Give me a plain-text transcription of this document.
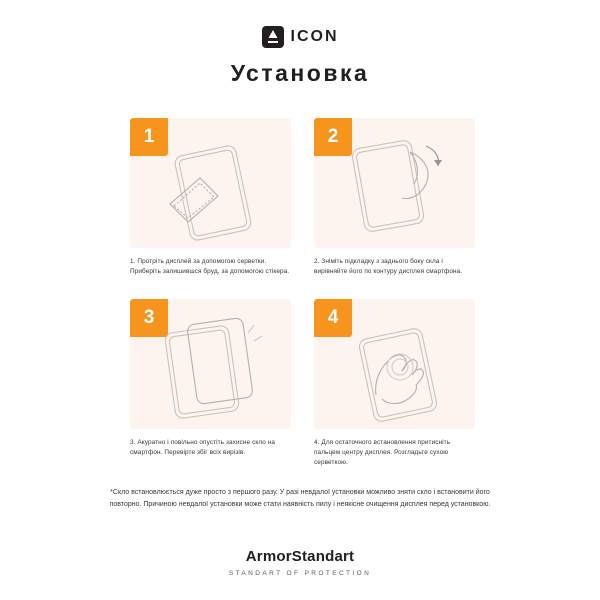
ICON
Установка
1
1. Протріть дисплей за допомогою серветки. Приберіть залишившся бруд, за допомогою стікера.
2
2. Зніміть підкладку з заднього боку скла і вирівняйте його по контуру дисплея смартфона.
3
3. Акуратно і повільно опустіть захисне скло на смартфон. Перевірте збіг всіх вирізів.
4
4. Для остаточного встановлення притисніть пальцем центру дисплея. Розгладьте сухою серветкою.
*Скло встановлюється дуже просто з першого разу. У разі невдалої установки можливо зняти скло і встановити його повторно. Причиною невдалої установки може стати наявність пилу і неякісне очищення дисплея перед установкою.
ArmorStandart
STANDART OF PROTECTION
